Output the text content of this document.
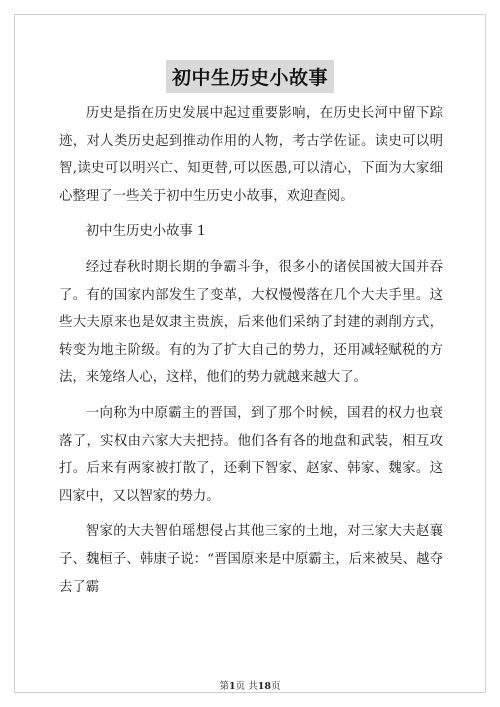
初中生历史小故事

历史是指在历史发展中起过重要影响，在历史长河中留下踪迹，对人类历史起到推动作用的人物，考古学佐证。读史可以明智,读史可以明兴亡、知更替,可以医愚,可以清心，下面为大家细心整理了一些关于初中生历史小故事，欢迎查阅。

初中生历史小故事 1

经过春秋时期长期的争霸斗争，很多小的诸侯国被大国并吞了。有的国家内部发生了变革，大权慢慢落在几个大夫手里。这些大夫原来也是奴隶主贵族，后来他们采纳了封建的剥削方式，转变为地主阶级。有的为了扩大自己的势力，还用减轻赋税的方法，来笼络人心，这样，他们的势力就越来越大了。

一向称为中原霸主的晋国，到了那个时候，国君的权力也衰落了，实权由六家大夫把持。他们各有各的地盘和武装，相互攻打。后来有两家被打散了，还剩下智家、赵家、韩家、魏家。这四家中，又以智家的势力。

智家的大夫智伯瑶想侵占其他三家的土地，对三家大夫赵襄子、魏桓子、韩康子说：“晋国原来是中原霸主，后来被吴、越夺去了霸

第1页 共18页
